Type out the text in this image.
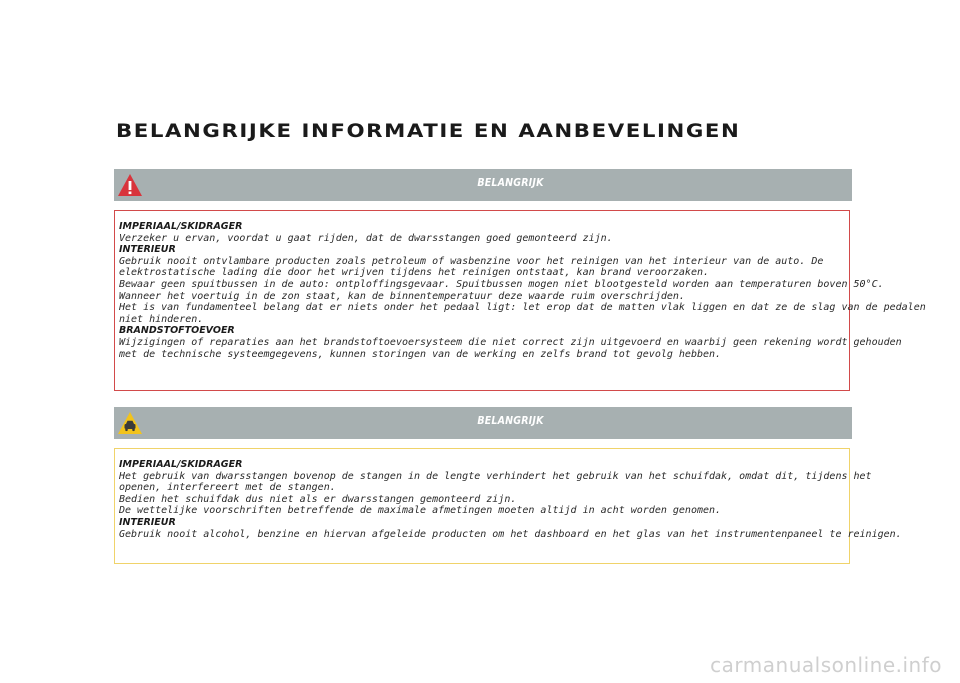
BELANGRIJKE INFORMATIE EN AANBEVELINGEN
BELANGRIJK
IMPERIAAL/SKIDRAGER
Verzeker u ervan, voordat u gaat rijden, dat de dwarsstangen goed gemonteerd zijn.
INTERIEUR
Gebruik nooit ontvlambare producten zoals petroleum of wasbenzine voor het reinigen van het interieur van de auto. De
elektrostatische lading die door het wrijven tijdens het reinigen ontstaat, kan brand veroorzaken.
Bewaar geen spuitbussen in de auto: ontploffingsgevaar. Spuitbussen mogen niet blootgesteld worden aan temperaturen boven 50°C.
Wanneer het voertuig in de zon staat, kan de binnentemperatuur deze waarde ruim overschrijden.
Het is van fundamenteel belang dat er niets onder het pedaal ligt: let erop dat de matten vlak liggen en dat ze de slag van de pedalen
niet hinderen.
BRANDSTOFTOEVOER
Wijzigingen of reparaties aan het brandstoftoevoersysteem die niet correct zijn uitgevoerd en waarbij geen rekening wordt gehouden
met de technische systeemgegevens, kunnen storingen van de werking en zelfs brand tot gevolg hebben.
BELANGRIJK
IMPERIAAL/SKIDRAGER
Het gebruik van dwarsstangen bovenop de stangen in de lengte verhindert het gebruik van het schuifdak, omdat dit, tijdens het
openen, interfereert met de stangen.
Bedien het schuifdak dus niet als er dwarsstangen gemonteerd zijn.
De wettelijke voorschriften betreffende de maximale afmetingen moeten altijd in acht worden genomen.
INTERIEUR
Gebruik nooit alcohol, benzine en hiervan afgeleide producten om het dashboard en het glas van het instrumentenpaneel te reinigen.
carmanualsonline.info
